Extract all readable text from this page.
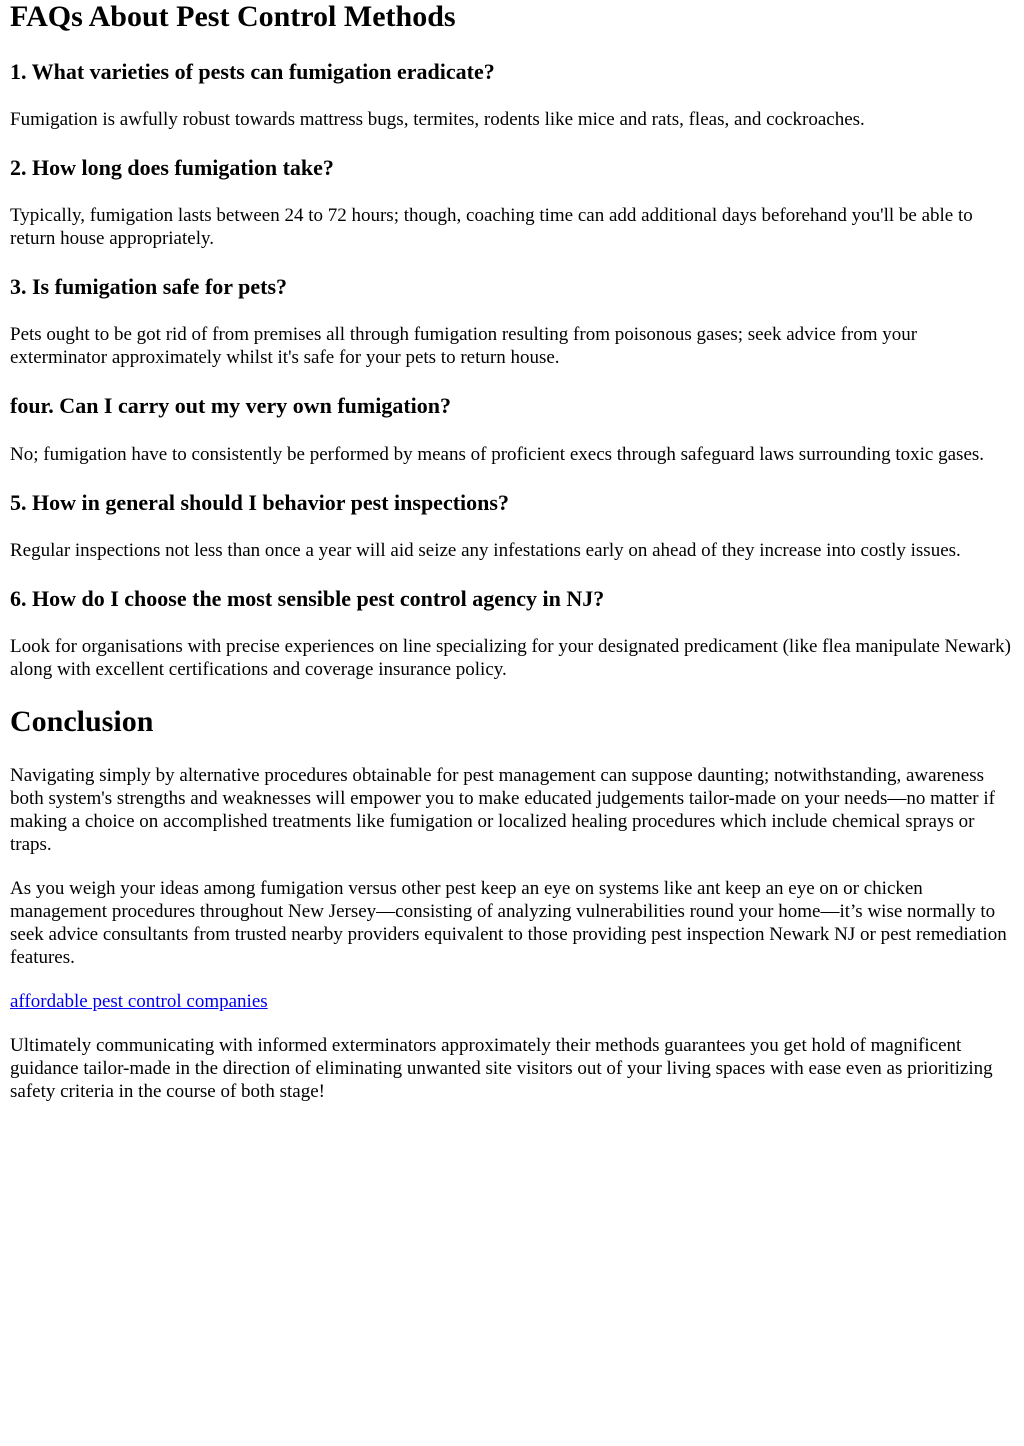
FAQs About Pest Control Methods
1. What varieties of pests can fumigation eradicate?

Fumigation is awfully robust towards mattress bugs, termites, rodents like mice and rats, fleas, and cockroaches.

2. How long does fumigation take?

Typically, fumigation lasts between 24 to 72 hours; though, coaching time can add additional days beforehand you'll be able to return house appropriately.

3. Is fumigation safe for pets?

Pets ought to be got rid of from premises all through fumigation resulting from poisonous gases; seek advice from your exterminator approximately whilst it's safe for your pets to return house.

four. Can I carry out my very own fumigation?

No; fumigation have to consistently be performed by means of proficient execs through safeguard laws surrounding toxic gases.

5. How in general should I behavior pest inspections?

Regular inspections not less than once a year will aid seize any infestations early on ahead of they increase into costly issues.

6. How do I choose the most sensible pest control agency in NJ?

Look for organisations with precise experiences on line specializing for your designated predicament (like flea manipulate Newark) along with excellent certifications and coverage insurance policy.

Conclusion

Navigating simply by alternative procedures obtainable for pest management can suppose daunting; notwithstanding, awareness both system's strengths and weaknesses will empower you to make educated judgements tailor-made on your needs—no matter if making a choice on accomplished treatments like fumigation or localized healing procedures which include chemical sprays or traps.

As you weigh your ideas among fumigation versus other pest keep an eye on systems like ant keep an eye on or chicken management procedures throughout New Jersey—consisting of analyzing vulnerabilities round your home—it’s wise normally to seek advice consultants from trusted nearby providers equivalent to those providing pest inspection Newark NJ or pest remediation features.

affordable pest control companies

Ultimately communicating with informed exterminators approximately their methods guarantees you get hold of magnificent guidance tailor-made in the direction of eliminating unwanted site visitors out of your living spaces with ease even as prioritizing safety criteria in the course of both stage!
